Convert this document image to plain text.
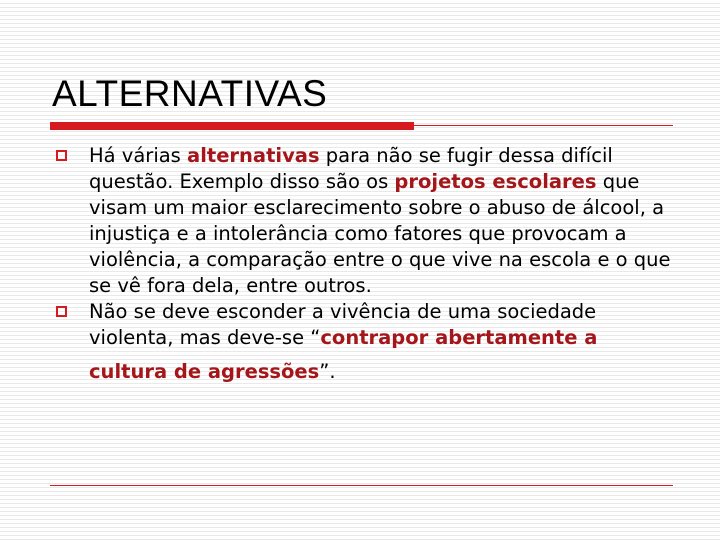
ALTERNATIVAS
Há várias alternativas para não se fugir dessa difícil questão. Exemplo disso são os projetos escolares que visam um maior esclarecimento sobre o abuso de álcool, a injustiça e a intolerância como fatores que provocam a violência, a comparação entre o que vive na escola e o que se vê fora dela, entre outros.
Não se deve esconder a vivência de uma sociedade violenta, mas deve-se “contrapor abertamente a
cultura de agressões”.
